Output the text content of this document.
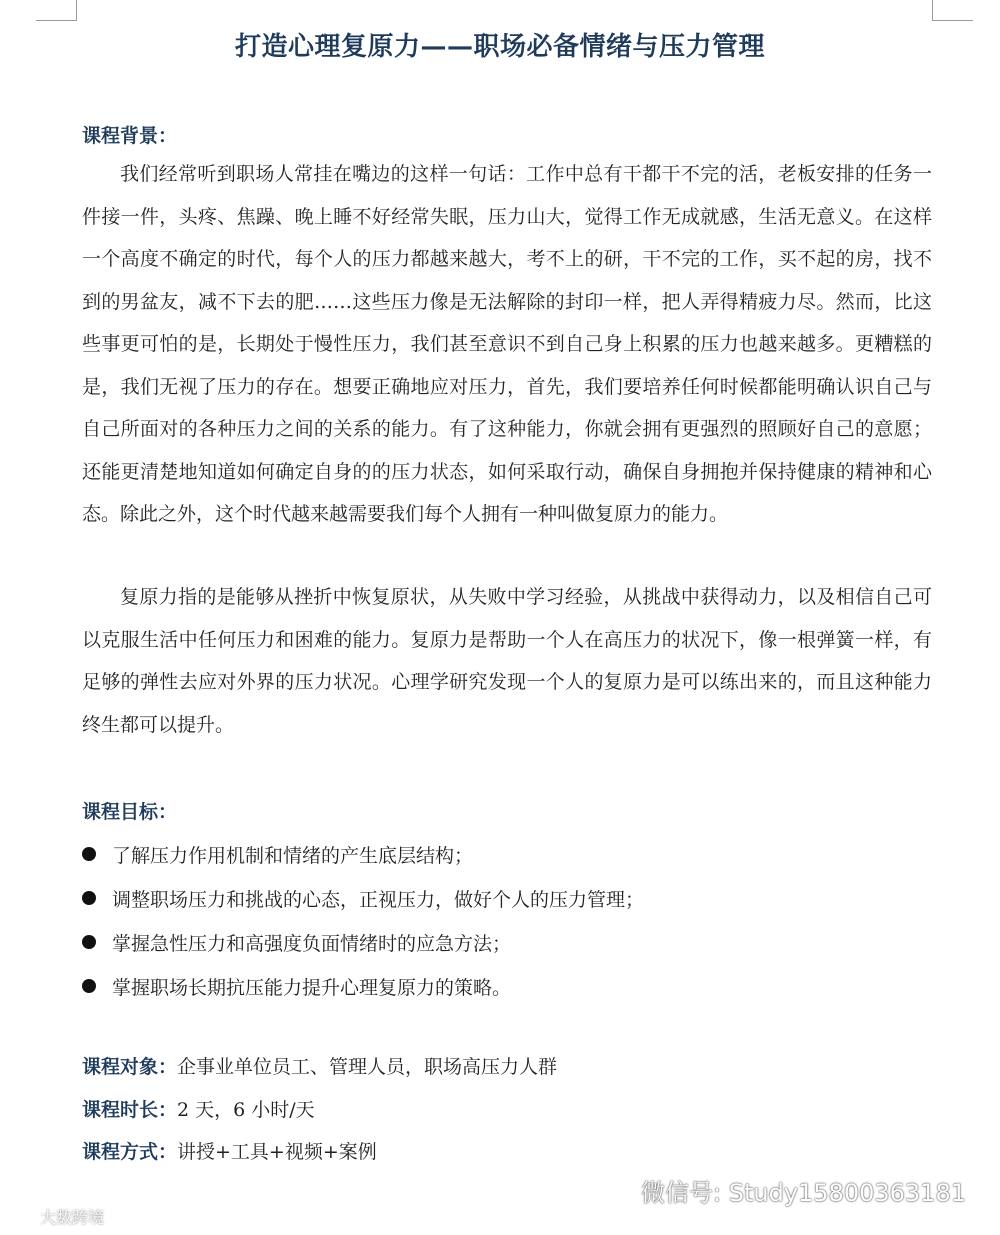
打造心理复原力——职场必备情绪与压力管理
课程背景：

我们经常听到职场人常挂在嘴边的这样一句话：工作中总有干都干不完的活，老板安排的任务一件接一件，头疼、焦躁、晚上睡不好经常失眠，压力山大，觉得工作无成就感，生活无意义。在这样一个高度不确定的时代，每个人的压力都越来越大，考不上的研，干不完的工作，买不起的房，找不到的男盆友，减不下去的肥……这些压力像是无法解除的封印一样，把人弄得精疲力尽。然而，比这些事更可怕的是，长期处于慢性压力，我们甚至意识不到自己身上积累的压力也越来越多。更糟糕的是，我们无视了压力的存在。想要正确地应对压力，首先，我们要培养任何时候都能明确认识自己与自己所面对的各种压力之间的关系的能力。有了这种能力，你就会拥有更强烈的照顾好自己的意愿；还能更清楚地知道如何确定自身的的压力状态，如何采取行动，确保自身拥抱并保持健康的精神和心态。除此之外，这个时代越来越需要我们每个人拥有一种叫做复原力的能力。

复原力指的是能够从挫折中恢复原状，从失败中学习经验，从挑战中获得动力，以及相信自己可以克服生活中任何压力和困难的能力。复原力是帮助一个人在高压力的状况下，像一根弹簧一样，有足够的弹性去应对外界的压力状况。心理学研究发现一个人的复原力是可以练出来的，而且这种能力终生都可以提升。

课程目标：
了解压力作用机制和情绪的产生底层结构；
调整职场压力和挑战的心态，正视压力，做好个人的压力管理；
掌握急性压力和高强度负面情绪时的应急方法；
掌握职场长期抗压能力提升心理复原力的策略。
课程对象：企事业单位员工、管理人员，职场高压力人群
课程时长：2 天，6 小时/天
课程方式：讲授+工具+视频+案例
微信号: Study15800363181
大数跨境
